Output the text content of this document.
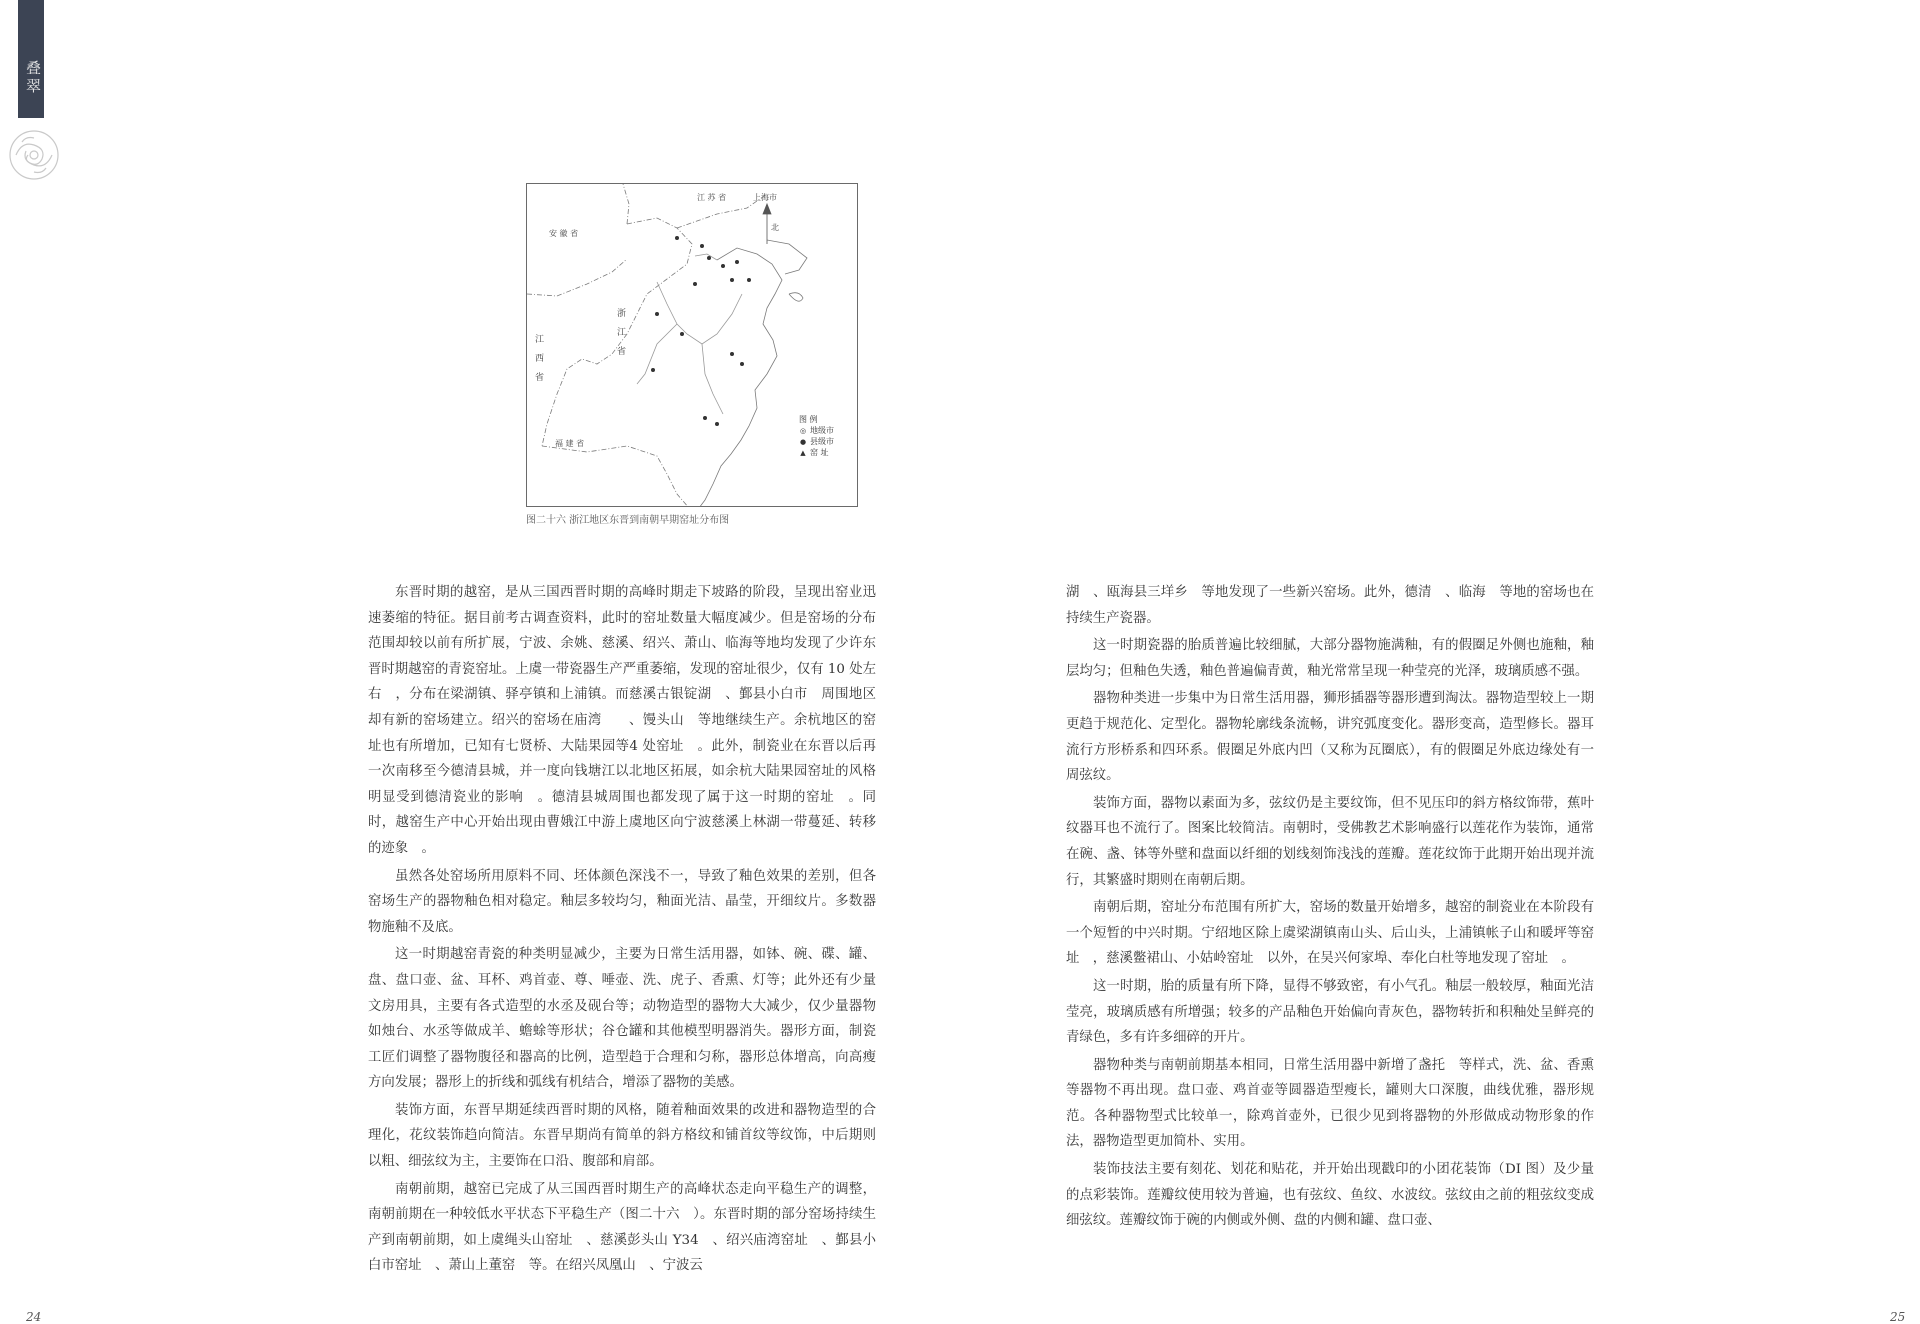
叠翠
江 苏 省	上海市
北
安 徽 省
浙江省
江西省
福 建 省
图 例
◎ 地级市
● 县级市
▲ 窑 址
图二十六 浙江地区东晋到南朝早期窑址分布图

东晋时期的越窑，是从三国西晋时期的高峰时期走下坡路的阶段，呈现出窑业迅速萎缩的特征。据目前考古调查资料，此时的窑址数量大幅度减少。但是窑场的分布范围却较以前有所扩展，宁波、余姚、慈溪、绍兴、萧山、临海等地均发现了少许东晋时期越窑的青瓷窑址。上虞一带瓷器生产严重萎缩，发现的窑址很少，仅有 10 处左右　，分布在梁湖镇、驿亭镇和上浦镇。而慈溪古银锭湖　、鄞县小白市　周围地区却有新的窑场建立。绍兴的窑场在庙湾　　、馒头山　等地继续生产。余杭地区的窑址也有所增加，已知有七贤桥、大陆果园等4 处窑址　。此外，制瓷业在东晋以后再一次南移至今德清县城，并一度向钱塘江以北地区拓展，如余杭大陆果园窑址的风格明显受到德清瓷业的影响　。德清县城周围也都发现了属于这一时期的窑址　。同时，越窑生产中心开始出现由曹娥江中游上虞地区向宁波慈溪上林湖一带蔓延、转移的迹象　。

虽然各处窑场所用原料不同、坯体颜色深浅不一，导致了釉色效果的差别，但各窑场生产的器物釉色相对稳定。釉层多较均匀，釉面光洁、晶莹，开细纹片。多数器物施釉不及底。

这一时期越窑青瓷的种类明显减少，主要为日常生活用器，如钵、碗、碟、罐、盘、盘口壶、盆、耳杯、鸡首壶、尊、唾壶、洗、虎子、香熏、灯等；此外还有少量文房用具，主要有各式造型的水丞及砚台等；动物造型的器物大大减少，仅少量器物如烛台、水丞等做成羊、蟾蜍等形状；谷仓罐和其他模型明器消失。器形方面，制瓷工匠们调整了器物腹径和器高的比例，造型趋于合理和匀称，器形总体增高，向高瘦方向发展；器形上的折线和弧线有机结合，增添了器物的美感。

装饰方面，东晋早期延续西晋时期的风格，随着釉面效果的改进和器物造型的合理化，花纹装饰趋向简洁。东晋早期尚有简单的斜方格纹和铺首纹等纹饰，中后期则以粗、细弦纹为主，主要饰在口沿、腹部和肩部。

南朝前期，越窑已完成了从三国西晋时期生产的高峰状态走向平稳生产的调整，南朝前期在一种较低水平状态下平稳生产（图二十六　）。东晋时期的部分窑场持续生产到南朝前期，如上虞绳头山窑址　、慈溪彭头山 Y34　、绍兴庙湾窑址　、鄞县小白市窑址　、萧山上董窑　等。在绍兴凤凰山　、宁波云

湖　、瓯海县三垟乡　等地发现了一些新兴窑场。此外，德清　、临海　等地的窑场也在持续生产瓷器。

这一时期瓷器的胎质普遍比较细腻，大部分器物施满釉，有的假圈足外侧也施釉，釉层均匀；但釉色失透，釉色普遍偏青黄，釉光常常呈现一种莹亮的光泽，玻璃质感不强。

器物种类进一步集中为日常生活用器，狮形插器等器形遭到淘汰。器物造型较上一期更趋于规范化、定型化。器物轮廓线条流畅，讲究弧度变化。器形变高，造型修长。器耳流行方形桥系和四环系。假圈足外底内凹（又称为瓦圈底），有的假圈足外底边缘处有一周弦纹。

装饰方面，器物以素面为多，弦纹仍是主要纹饰，但不见压印的斜方格纹饰带，蕉叶纹器耳也不流行了。图案比较简洁。南朝时，受佛教艺术影响盛行以莲花作为装饰，通常在碗、盏、钵等外壁和盘面以纤细的划线刻饰浅浅的莲瓣。莲花纹饰于此期开始出现并流行，其繁盛时期则在南朝后期。

南朝后期，窑址分布范围有所扩大，窑场的数量开始增多，越窑的制瓷业在本阶段有一个短暂的中兴时期。宁绍地区除上虞梁湖镇南山头、后山头，上浦镇帐子山和暖坪等窑址　，慈溪鳖裙山、小姑岭窑址　以外，在吴兴何家埠、奉化白杜等地发现了窑址　。

这一时期，胎的质量有所下降，显得不够致密，有小气孔。釉层一般较厚，釉面光洁莹亮，玻璃质感有所增强；较多的产品釉色开始偏向青灰色，器物转折和积釉处呈鲜亮的青绿色，多有许多细碎的开片。

器物种类与南朝前期基本相同，日常生活用器中新增了盏托　等样式，洗、盆、香熏等器物不再出现。盘口壶、鸡首壶等圆器造型瘦长，罐则大口深腹，曲线优雅，器形规范。各种器物型式比较单一，除鸡首壶外，已很少见到将器物的外形做成动物形象的作法，器物造型更加简朴、实用。

装饰技法主要有刻花、划花和贴花，并开始出现戳印的小团花装饰（DI 图）及少量的点彩装饰。莲瓣纹使用较为普遍，也有弦纹、鱼纹、水波纹。弦纹由之前的粗弦纹变成细弦纹。莲瓣纹饰于碗的内侧或外侧、盘的内侧和罐、盘口壶、

24	25
